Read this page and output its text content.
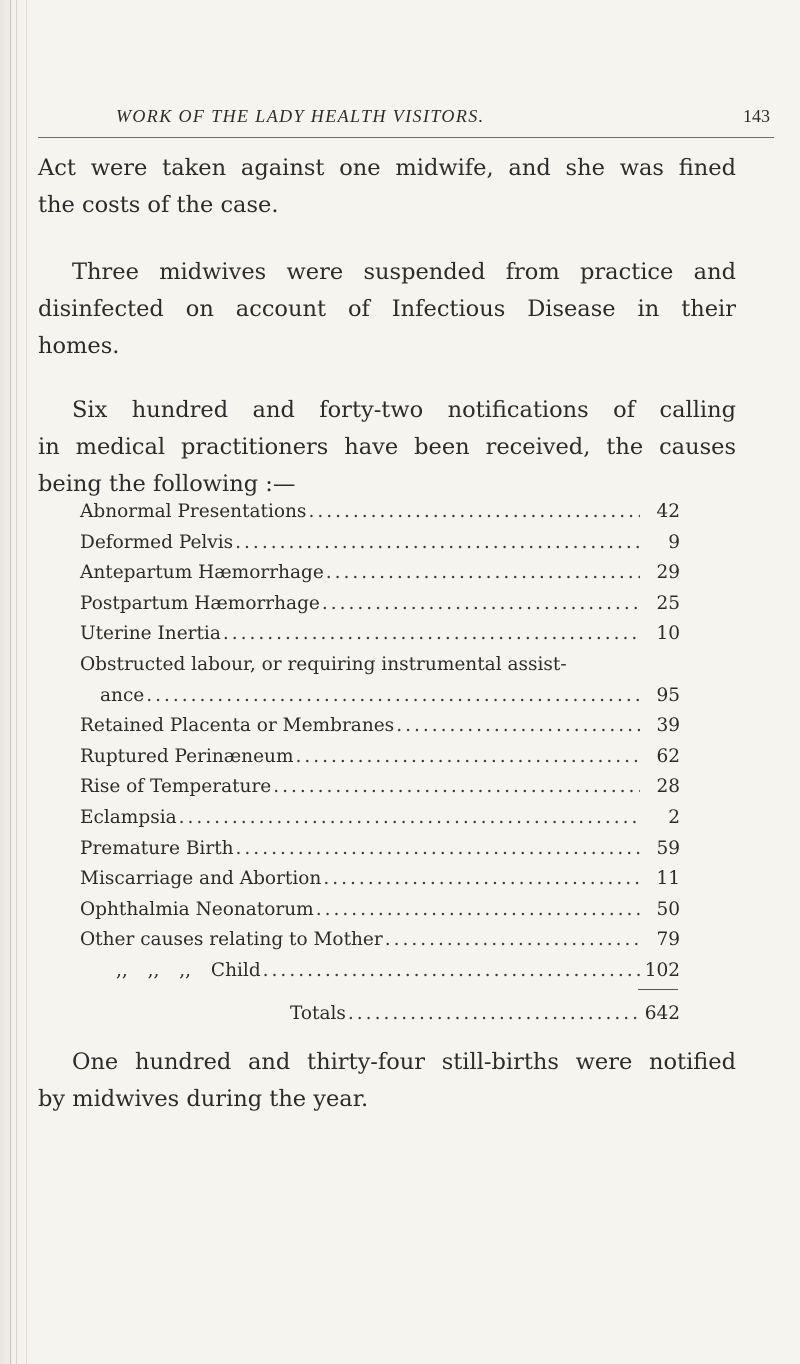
WORK OF THE LADY HEALTH VISITORS.	143
Act were taken against one midwife, and she was fined
the costs of the case.
Three midwives were suspended from practice and
disinfected on account of Infectious Disease in their
homes.
Six hundred and forty-two notifications of calling
in medical practitioners have been received, the causes
being the following :—
Abnormal Presentations .....	42
Deformed Pelvis .....	9
Antepartum Hæmorrhage .....	29
Postpartum Hæmorrhage .....	25
Uterine Inertia .....	10
Obstructed labour, or requiring instrumental assist-
ance .....	95
Retained Placenta or Membranes .....	39
Ruptured Perinæneum .....	62
Rise of Temperature .....	28
Eclampsia .....	2
Premature Birth .....	59
Miscarriage and Abortion .....	11
Ophthalmia Neonatorum .....	50
Other causes relating to Mother .....	79
,, ,, ,, Child .....	102
Totals .....	642
One hundred and thirty-four still-births were notified
by midwives during the year.
